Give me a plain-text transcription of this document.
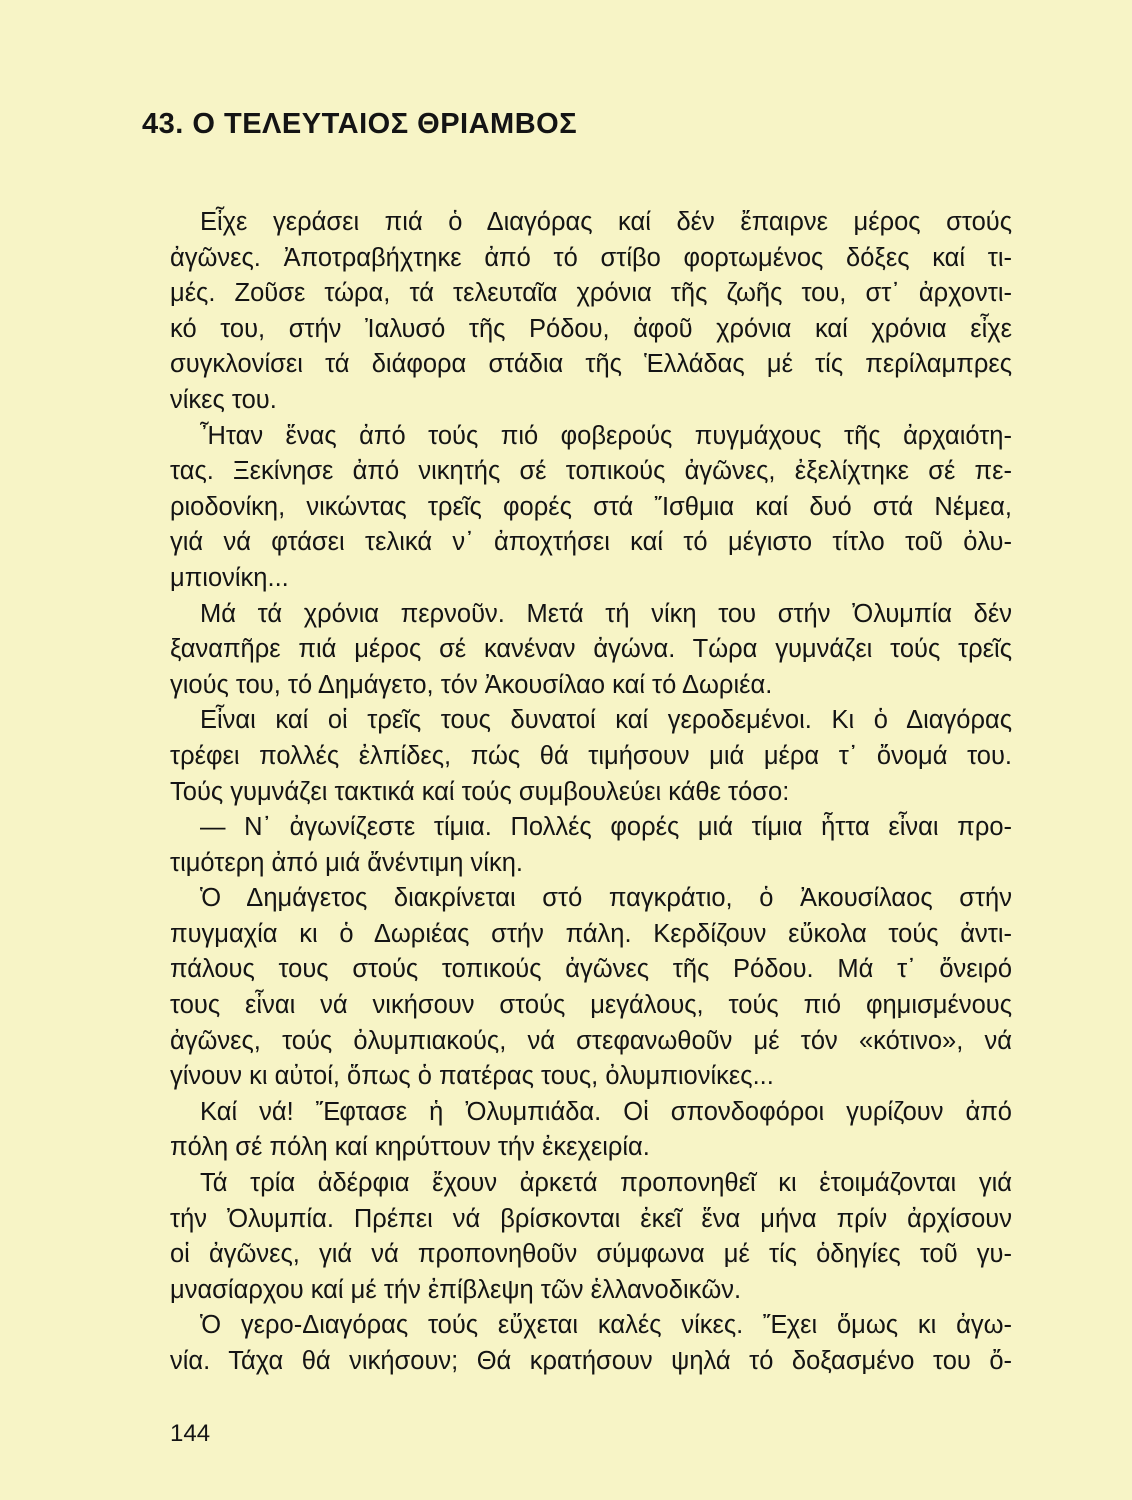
43. Ο ΤΕΛΕΥΤΑΙΟΣ ΘΡΙΑΜΒΟΣ
Εἶχε γεράσει πιά ὁ Διαγόρας καί δέν ἔπαιρνε μέρος στούς
ἀγῶνες. Ἀποτραβήχτηκε ἀπό τό στίβο φορτωμένος δόξες καί τι-
μές. Ζοῦσε τώρα, τά τελευταῖα χρόνια τῆς ζωῆς του, στ᾿ ἀρχοντι-
κό του, στήν Ἰαλυσό τῆς Ρόδου, ἀφοῦ χρόνια καί χρόνια εἶχε
συγκλονίσει τά διάφορα στάδια τῆς Ἑλλάδας μέ τίς περίλαμπρες
νίκες του.
Ἦταν ἕνας ἀπό τούς πιό φοβερούς πυγμάχους τῆς ἀρχαιότη-
τας. Ξεκίνησε ἀπό νικητής σέ τοπικούς ἀγῶνες, ἐξελίχτηκε σέ πε-
ριοδονίκη, νικώντας τρεῖς φορές στά Ἴσθμια καί δυό στά Νέμεα,
γιά νά φτάσει τελικά ν᾿ ἀποχτήσει καί τό μέγιστο τίτλο τοῦ ὀλυ-
μπιονίκη...
Μά τά χρόνια περνοῦν. Μετά τή νίκη του στήν Ὀλυμπία δέν
ξαναπῆρε πιά μέρος σέ κανέναν ἀγώνα. Τώρα γυμνάζει τούς τρεῖς
γιούς του, τό Δημάγετο, τόν Ἀκουσίλαο καί τό Δωριέα.
Εἶναι καί οἱ τρεῖς τους δυνατοί καί γεροδεμένοι. Κι ὁ Διαγόρας
τρέφει πολλές ἐλπίδες, πώς θά τιμήσουν μιά μέρα τ᾿ ὄνομά του.
Τούς γυμνάζει τακτικά καί τούς συμβουλεύει κάθε τόσο:
— Ν᾿ ἀγωνίζεστε τίμια. Πολλές φορές μιά τίμια ἧττα εἶναι προ-
τιμότερη ἀπό μιά ἄνέντιμη νίκη.
Ὁ Δημάγετος διακρίνεται στό παγκράτιο, ὁ Ἀκουσίλαος στήν
πυγμαχία κι ὁ Δωριέας στήν πάλη. Κερδίζουν εὔκολα τούς ἀντι-
πάλους τους στούς τοπικούς ἀγῶνες τῆς Ρόδου. Μά τ᾿ ὄνειρό
τους εἶναι νά νικήσουν στούς μεγάλους, τούς πιό φημισμένους
ἀγῶνες, τούς ὀλυμπιακούς, νά στεφανωθοῦν μέ τόν «κότινο», νά
γίνουν κι αὐτοί, ὅπως ὁ πατέρας τους, ὀλυμπιονίκες...
Καί νά! Ἔφτασε ἡ Ὀλυμπιάδα. Οἱ σπονδοφόροι γυρίζουν ἀπό
πόλη σέ πόλη καί κηρύττουν τήν ἐκεχειρία.
Τά τρία ἀδέρφια ἔχουν ἀρκετά προπονηθεῖ κι ἑτοιμάζονται γιά
τήν Ὀλυμπία. Πρέπει νά βρίσκονται ἐκεῖ ἕνα μήνα πρίν ἀρχίσουν
οἱ ἀγῶνες, γιά νά προπονηθοῦν σύμφωνα μέ τίς ὁδηγίες τοῦ γυ-
μνασίαρχου καί μέ τήν ἐπίβλεψη τῶν ἑλλανοδικῶν.
Ὁ γερο-Διαγόρας τούς εὔχεται καλές νίκες. Ἔχει ὅμως κι ἀγω-
νία. Τάχα θά νικήσουν; Θά κρατήσουν ψηλά τό δοξασμένο του ὄ-
144
